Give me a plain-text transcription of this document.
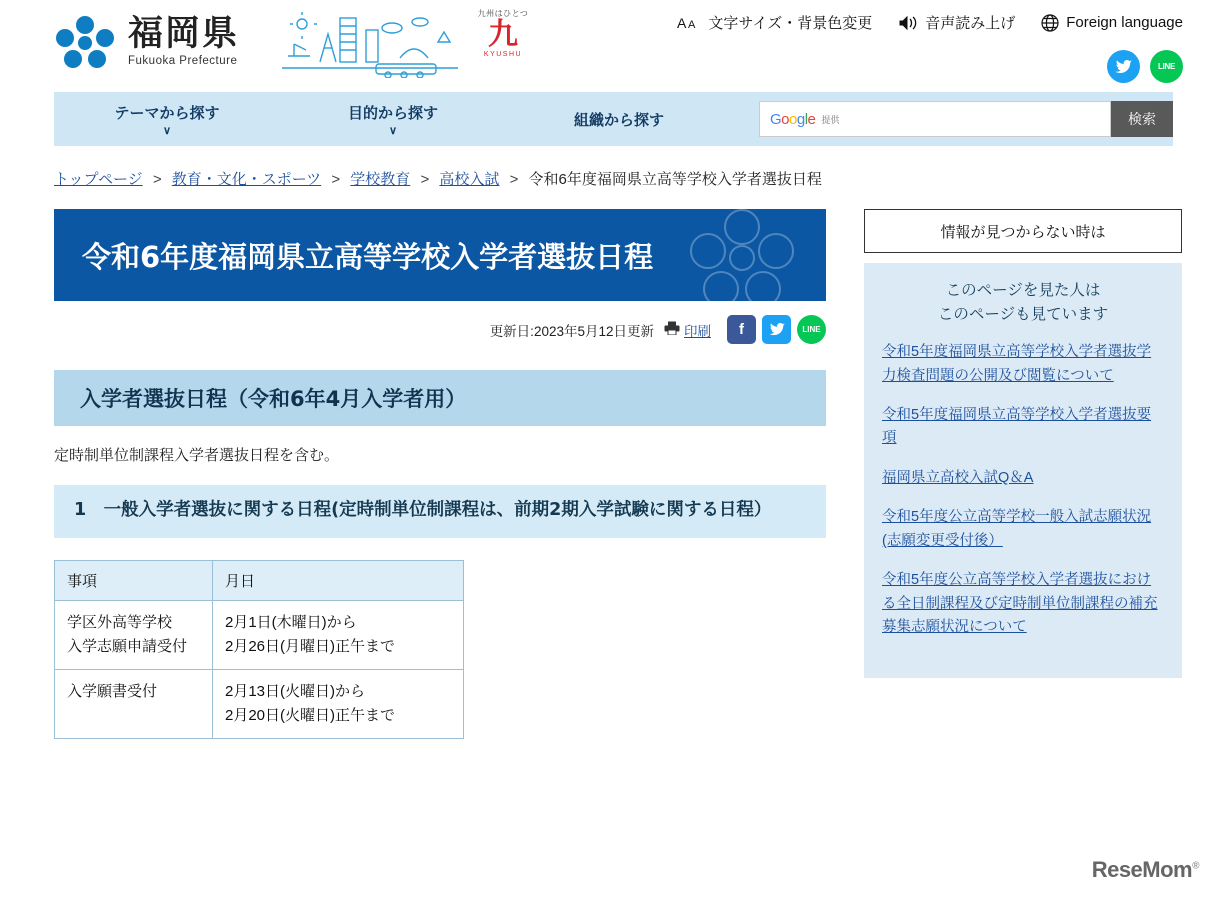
福岡県
Fukuoka Prefecture
九州はひとつ
九
KYUSHU
A A 文字サイズ・背景色変更	音声読み上げ	Foreign language
LINE
テーマから探す
∨
目的から探す
∨
組織から探す	Google 提供	検索
トップページ > 教育・文化・スポーツ > 学校教育 > 高校入試 > 令和6年度福岡県立高等学校入学者選抜日程
令和6年度福岡県立高等学校入学者選抜日程
更新日:2023年5月12日更新 印刷	f	LINE
入学者選抜日程（令和6年4月入学者用）
定時制単位制課程入学者選抜日程を含む。
1　一般入学者選抜に関する日程(定時制単位制課程は、前期2期入学試験に関する日程）
事項	月日
学区外高等学校
入学志願申請受付	2月1日(木曜日)から
2月26日(月曜日)正午まで
入学願書受付	2月13日(火曜日)から
2月20日(火曜日)正午まで
情報が見つからない時は
このページを見た人は
このページも見ています
令和5年度福岡県立高等学校入学者選抜学力検査問題の公開及び閲覧について
令和5年度福岡県立高等学校入学者選抜要項
福岡県立高校入試Q＆A
令和5年度公立高等学校一般入試志願状況(志願変更受付後）
令和5年度公立高等学校入学者選抜における全日制課程及び定時制単位制課程の補充募集志願状況について
ReseMom®
